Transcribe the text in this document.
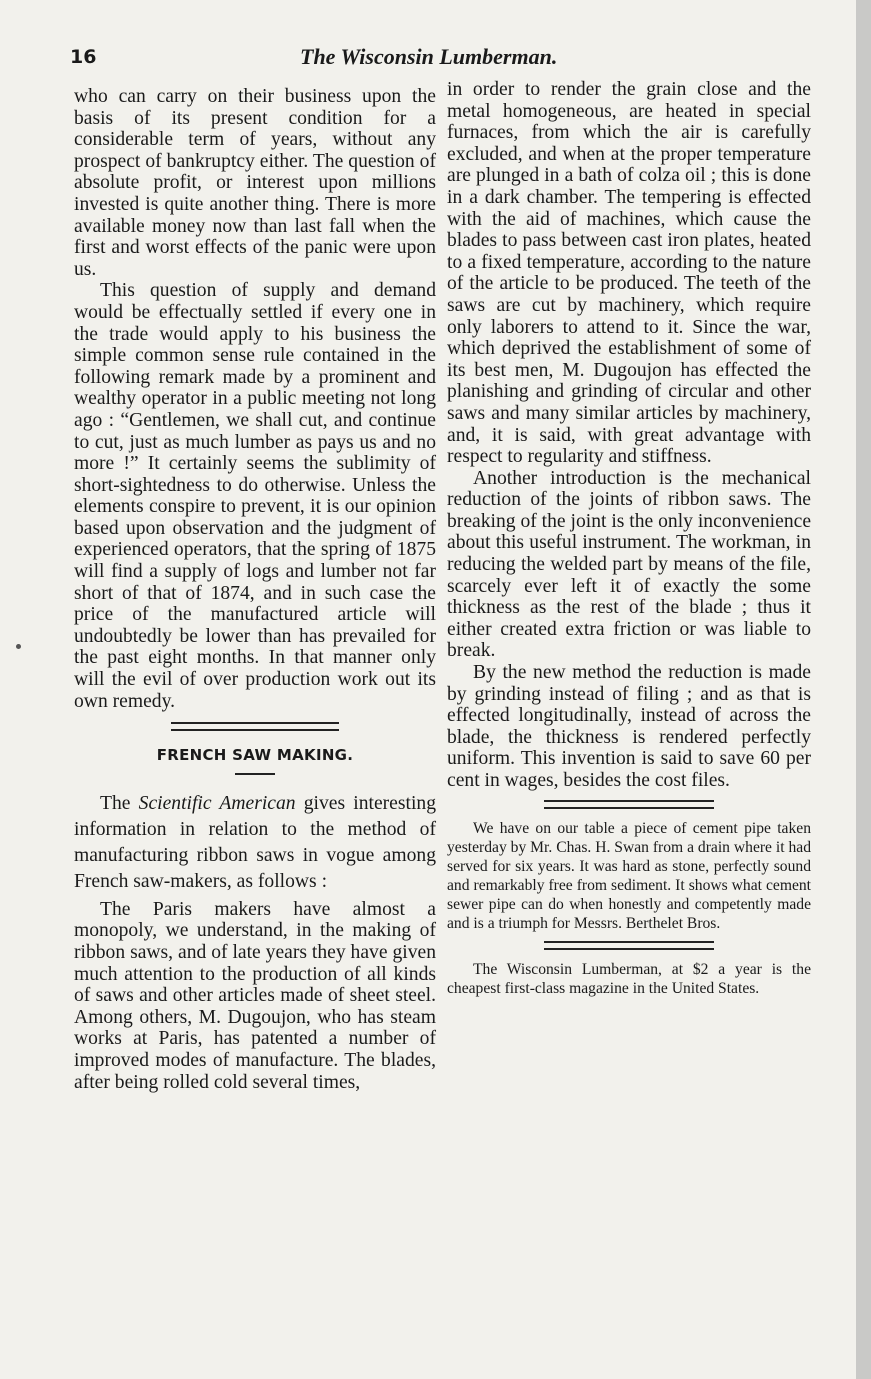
16	The Wisconsin Lumberman.

who can carry on their business upon the basis of its present condition for a considerable term of years, without any prospect of bankruptcy either. The question of absolute profit, or interest upon millions invested is quite another thing. There is more available money now than last fall when the first and worst effects of the panic were upon us.

This question of supply and demand would be effectually settled if every one in the trade would apply to his business the simple common sense rule contained in the following remark made by a prominent and wealthy operator in a public meeting not long ago : “Gentlemen, we shall cut, and continue to cut, just as much lumber as pays us and no more !” It certainly seems the sublimity of short-sightedness to do otherwise. Unless the elements conspire to prevent, it is our opinion based upon observation and the judgment of experienced operators, that the spring of 1875 will find a supply of logs and lumber not far short of that of 1874, and in such case the price of the manufactured article will undoubtedly be lower than has prevailed for the past eight months. In that manner only will the evil of over production work out its own remedy.

FRENCH SAW MAKING.

The Scientific American gives interesting information in relation to the method of manufacturing ribbon saws in vogue among French saw-makers, as follows :

The Paris makers have almost a monopoly, we understand, in the making of ribbon saws, and of late years they have given much attention to the production of all kinds of saws and other articles made of sheet steel. Among others, M. Dugoujon, who has steam works at Paris, has patented a number of improved modes of manufacture. The blades, after being rolled cold several times,

in order to render the grain close and the metal homogeneous, are heated in special furnaces, from which the air is carefully excluded, and when at the proper temperature are plunged in a bath of colza oil ; this is done in a dark chamber. The tempering is effected with the aid of machines, which cause the blades to pass between cast iron plates, heated to a fixed temperature, according to the nature of the article to be produced. The teeth of the saws are cut by machinery, which require only laborers to attend to it. Since the war, which deprived the establishment of some of its best men, M. Dugoujon has effected the planishing and grinding of circular and other saws and many similar articles by machinery, and, it is said, with great advantage with respect to regularity and stiffness.

Another introduction is the mechanical reduction of the joints of ribbon saws. The breaking of the joint is the only inconvenience about this useful instrument. The workman, in reducing the welded part by means of the file, scarcely ever left it of exactly the some thickness as the rest of the blade ; thus it either created extra friction or was liable to break.

By the new method the reduction is made by grinding instead of filing ; and as that is effected longitudinally, instead of across the blade, the thickness is rendered perfectly uniform. This invention is said to save 60 per cent in wages, besides the cost files.

We have on our table a piece of cement pipe taken yesterday by Mr. Chas. H. Swan from a drain where it had served for six years. It was hard as stone, perfectly sound and remarkably free from sediment. It shows what cement sewer pipe can do when honestly and competently made and is a triumph for Messrs. Berthelet Bros.

The Wisconsin Lumberman, at $2 a year is the cheapest first-class magazine in the United States.
